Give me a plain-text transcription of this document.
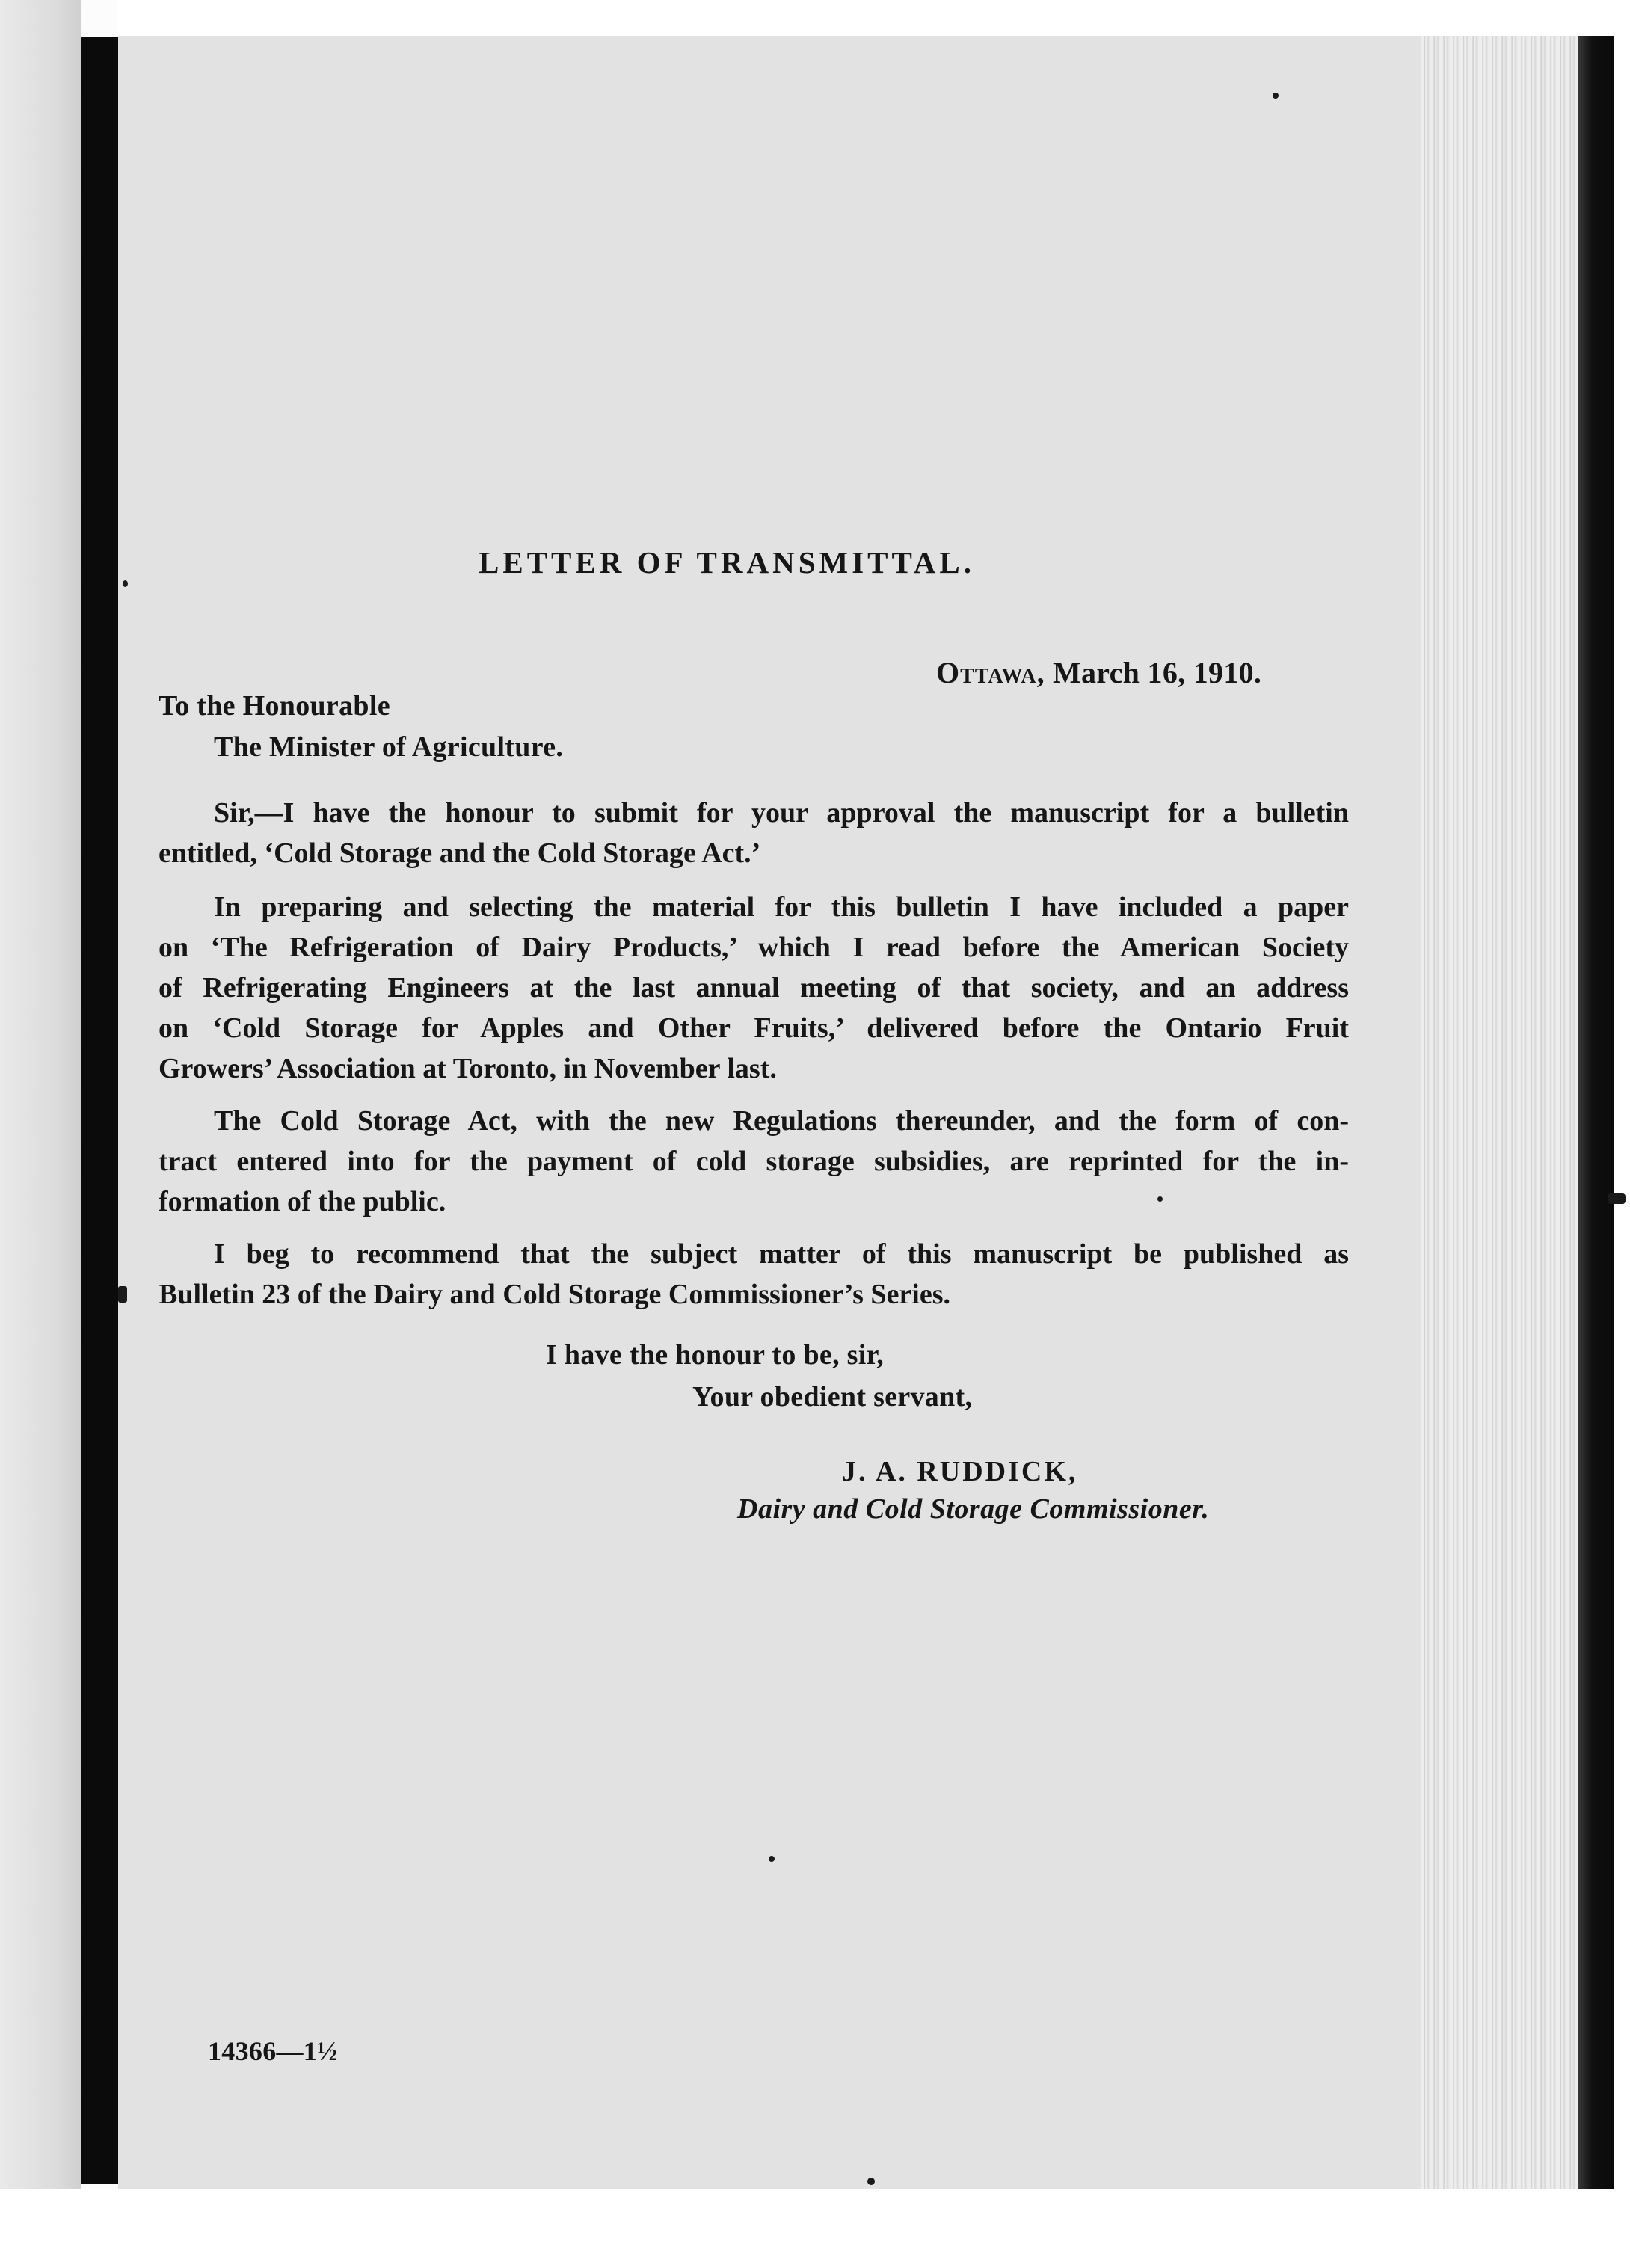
LETTER OF TRANSMITTAL.
Ottawa, March 16, 1910.
To the Honourable
The Minister of Agriculture.
Sir,—I have the honour to submit for your approval the manuscript for a bulletin
entitled, ‘Cold Storage and the Cold Storage Act.’
In preparing and selecting the material for this bulletin I have included a paper
on ‘The Refrigeration of Dairy Products,’ which I read before the American Society
of Refrigerating Engineers at the last annual meeting of that society, and an address
on ‘Cold Storage for Apples and Other Fruits,’ delivered before the Ontario Fruit
Growers’ Association at Toronto, in November last.
The Cold Storage Act, with the new Regulations thereunder, and the form of con-
tract entered into for the payment of cold storage subsidies, are reprinted for the in-
formation of the public.
I beg to recommend that the subject matter of this manuscript be published as
Bulletin 23 of the Dairy and Cold Storage Commissioner’s Series.
I have the honour to be, sir,
Your obedient servant,
J. A. RUDDICK,
Dairy and Cold Storage Commissioner.
14366—1½
